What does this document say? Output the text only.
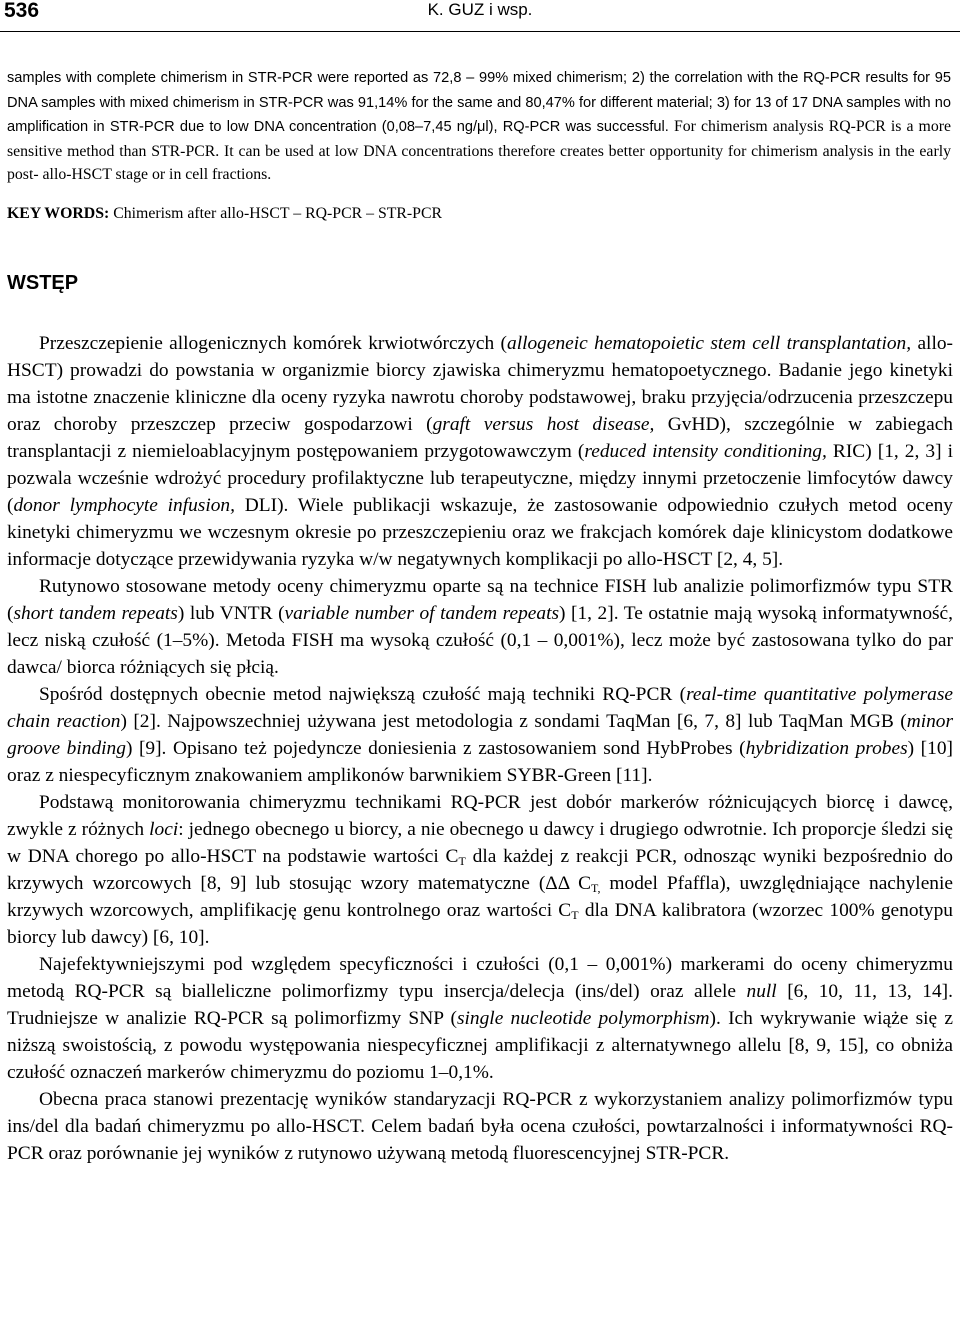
536	K. GUZ i wsp.

samples with complete chimerism in STR-PCR were reported as 72,8 – 99% mixed chimerism; 2) the correlation with the RQ-PCR results for 95 DNA samples with mixed chimerism in STR-PCR was 91,14% for the same and 80,47% for different material; 3) for 13 of 17 DNA samples with no amplification in STR-PCR due to low DNA concentration (0,08–7,45 ng/μl), RQ-PCR was successful. For chimerism analysis RQ-PCR is a more sensitive method than STR-PCR. It can be used at low DNA concentrations therefore creates better opportunity for chimerism analysis in the early post- allo-HSCT stage or in cell fractions.

KEY WORDS: Chimerism after allo-HSCT – RQ-PCR – STR-PCR
WSTĘP

Przeszczepienie allogenicznych komórek krwiotwórczych (allogeneic hematopoietic stem cell transplantation, allo-HSCT) prowadzi do powstania w organizmie biorcy zjawiska chimeryzmu hematopoetycznego. Badanie jego kinetyki ma istotne znaczenie kliniczne dla oceny ryzyka nawrotu choroby podstawowej, braku przyjęcia/odrzucenia przeszczepu oraz choroby przeszczep przeciw gospodarzowi (graft versus host disease, GvHD), szczególnie w zabiegach transplantacji z niemieloablacyjnym postępowaniem przygotowawczym (reduced intensity conditioning, RIC) [1, 2, 3] i pozwala wcześnie wdrożyć procedury profilaktyczne lub terapeutyczne, między innymi przetoczenie limfocytów dawcy (donor lymphocyte infusion, DLI). Wiele publikacji wskazuje, że zastosowanie odpowiednio czułych metod oceny kinetyki chimeryzmu we wczesnym okresie po przeszczepieniu oraz we frakcjach komórek daje klinicystom dodatkowe informacje dotyczące przewidywania ryzyka w/w negatywnych komplikacji po allo-HSCT [2, 4, 5].

Rutynowo stosowane metody oceny chimeryzmu oparte są na technice FISH lub analizie polimorfizmów typu STR (short tandem repeats) lub VNTR (variable number of tandem repeats) [1, 2]. Te ostatnie mają wysoką informatywność, lecz niską czułość (1–5%). Metoda FISH ma wysoką czułość (0,1 – 0,001%), lecz może być zastosowana tylko do par dawca/ biorca różniących się płcią.

Spośród dostępnych obecnie metod największą czułość mają techniki RQ-PCR (real-time quantitative polymerase chain reaction) [2]. Najpowszechniej używana jest metodologia z sondami TaqMan [6, 7, 8] lub TaqMan MGB (minor groove binding) [9]. Opisano też pojedyncze doniesienia z zastosowaniem sond HybProbes (hybridization probes) [10] oraz z niespecyficznym znakowaniem amplikonów barwnikiem SYBR-Green [11].

Podstawą monitorowania chimeryzmu technikami RQ-PCR jest dobór markerów różnicujących biorcę i dawcę, zwykle z różnych loci: jednego obecnego u biorcy, a nie obecnego u dawcy i drugiego odwrotnie. Ich proporcje śledzi się w DNA chorego po allo-HSCT na podstawie wartości $C_T$ dla każdej z reakcji PCR, odnosząc wyniki bezpośrednio do krzywych wzorcowych [8, 9] lub stosując wzory matematyczne (ΔΔ $C_{T,}$ model Pfaffla), uwzględniające nachylenie krzywych wzorcowych, amplifikację genu kontrolnego oraz wartości $C_T$ dla DNA kalibratora (wzorzec 100% genotypu biorcy lub dawcy) [6, 10].

Najefektywniejszymi pod względem specyficzności i czułości (0,1 – 0,001%) markerami do oceny chimeryzmu metodą RQ-PCR są bialleliczne polimorfizmy typu insercja/delecja (ins/del) oraz allele null [6, 10, 11, 13, 14]. Trudniejsze w analizie RQ-PCR są polimorfizmy SNP (single nucleotide polymorphism). Ich wykrywanie wiąże się z niższą swoistością, z powodu występowania niespecyficznej amplifikacji z alternatywnego allelu [8, 9, 15], co obniża czułość oznaczeń markerów chimeryzmu do poziomu 1–0,1%.

Obecna praca stanowi prezentację wyników standaryzacji RQ-PCR z wykorzystaniem analizy polimorfizmów typu ins/del dla badań chimeryzmu po allo-HSCT. Celem badań była ocena czułości, powtarzalności i informatywności RQ-PCR oraz porównanie jej wyników z rutynowo używaną metodą fluorescencyjnej STR-PCR.
